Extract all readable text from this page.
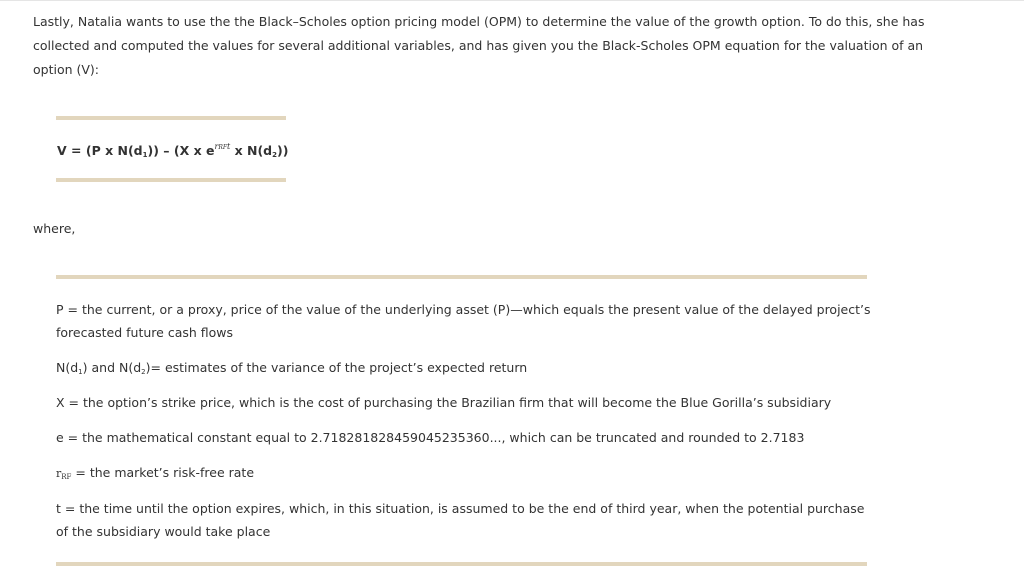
Lastly, Natalia wants to use the the Black–Scholes option pricing model (OPM) to determine the value of the growth option. To do this, she has collected and computed the values for several additional variables, and has given you the Black-Scholes OPM equation for the valuation of an option (V):
V = (P x $N(d_1)) - (X$ x $e^{rRFt}$ x $N(d_2)$)
where,
P = the current, or a proxy, price of the value of the underlying asset (P)—which equals the present value of the delayed project’s forecasted future cash flows
$N(d_1)$ and $N(d_2)=$ estimates of the variance of the project’s expected return
X = the option’s strike price, which is the cost of purchasing the Brazilian firm that will become the Blue Gorilla’s subsidiary
e = the mathematical constant equal to 2.718281828459045235360..., which can be truncated and rounded to 2.7183
$r_{RF}$ = the market’s risk-free rate
t = the time until the option expires, which, in this situation, is assumed to be the end of third year, when the potential purchase of the subsidiary would take place
